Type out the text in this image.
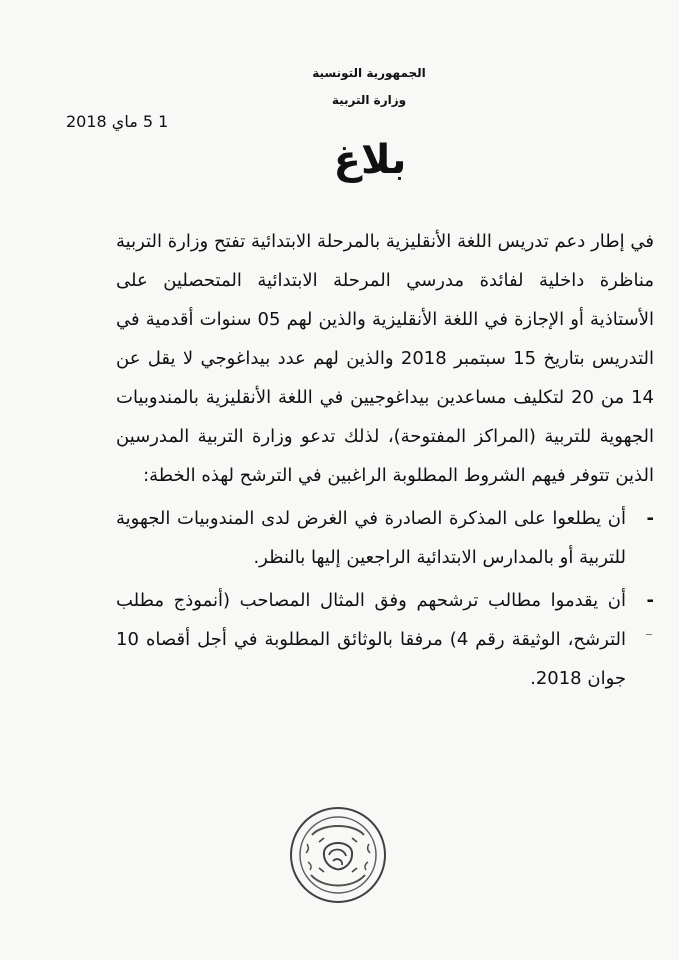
الجمهورية التونسية
وزارة التربية
1 5 ماي 2018
بلاغ

في إطار دعم تدريس اللغة الأنقليزية بالمرحلة الابتدائية تفتح وزارة التربية مناظرة داخلية لفائدة مدرسي المرحلة الابتدائية المتحصلين على الأستاذية أو الإجازة في اللغة الأنقليزية والذين لهم 05 سنوات أقدمية في التدريس بتاريخ 15 سبتمبر 2018 والذين لهم عدد بيداغوجي لا يقل عن 14 من 20 لتكليف مساعدين بيداغوجيين في اللغة الأنقليزية بالمندوبيات الجهوية للتربية (المراكز المفتوحة)، لذلك تدعو وزارة التربية المدرسين الذين تتوفر فيهم الشروط المطلوبة الراغبين في الترشح لهذه الخطة:

-
أن يطلعوا على المذكرة الصادرة في الغرض لدى المندوبيات الجهوية للتربية أو بالمدارس الابتدائية الراجعين إليها بالنظر.
-
أن يقدموا مطالب ترشحهم وفق المثال المصاحب (أنموذج مطلب الترشح، الوثيقة رقم 4) مرفقا بالوثائق المطلوبة في أجل أقصاه 10 جوان 2018.
